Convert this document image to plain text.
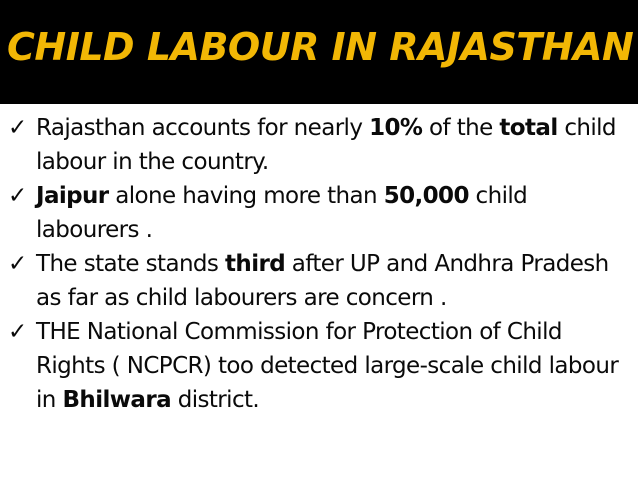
CHILD LABOUR IN RAJASTHAN
✓ Rajasthan accounts for nearly 10% of the total child labour in the country.
✓ Jaipur alone having more than 50,000 child labourers .
✓ The state stands third after UP and Andhra Pradesh as far as child labourers are concern .
✓ THE National Commission for Protection of Child Rights ( NCPCR) too detected large-scale child labour in Bhilwara district.
